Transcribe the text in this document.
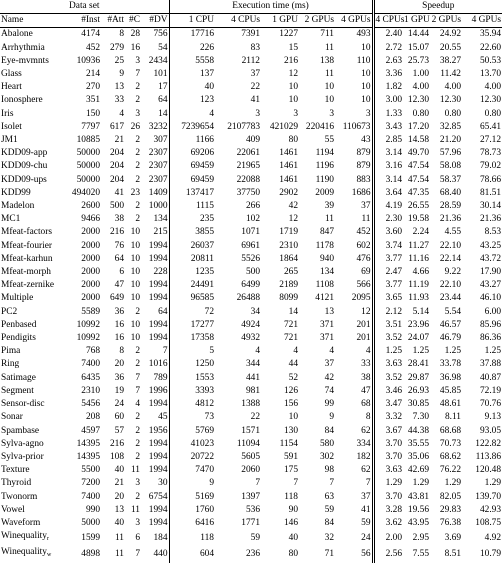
Data set					Execution time (ms)					Speedup			
Name	#Inst	#Att	#C	#DV	1 CPU	4 CPUs	1 GPU	2 GPUs	4 GPUs	4 CPUs	1 GPU	2 GPUs	4 GPUs
Abalone	4174	8	28	756	17716	7391	1227	711	493	2.40	14.44	24.92	35.94
Arrhythmia	452	279	16	54	226	83	15	11	10	2.72	15.07	20.55	22.60
Eye-mvmnts	10936	25	3	2434	5558	2112	216	138	110	2.63	25.73	38.27	50.53
Glass	214	9	7	101	137	37	12	11	10	3.36	1.00	11.42	13.70
Heart	270	13	2	17	40	22	10	10	10	1.82	4.00	4.00	4.00
Ionosphere	351	33	2	64	123	41	10	10	10	3.00	12.30	12.30	12.30
Iris	150	4	3	14	4	3	3	3	3	1.33	0.80	0.80	0.80
Isolet	7797	617	26	3232	7239654	2107783	421029	220416	110673	3.43	17.20	32.85	65.41
JM1	10885	21	2	307	1166	409	80	55	43	2.85	14.58	21.20	27.12
KDD09-app	50000	204	2	2307	69206	22061	1461	1194	879	3.14	49.70	57.96	78.73
KDD09-chu	50000	204	2	2307	69459	21965	1461	1196	879	3.16	47.54	58.08	79.02
KDD09-ups	50000	204	2	2307	69459	22088	1461	1190	883	3.14	47.54	58.37	78.66
KDD99	494020	41	23	1409	137417	37750	2902	2009	1686	3.64	47.35	68.40	81.51
Madelon	2600	500	2	1000	1115	266	42	39	37	4.19	26.55	28.59	30.14
MC1	9466	38	2	134	235	102	12	11	11	2.30	19.58	21.36	21.36
Mfeat-factors	2000	216	10	215	3855	1071	1719	847	452	3.60	2.24	4.55	8.53
Mfeat-fourier	2000	76	10	1994	26037	6961	2310	1178	602	3.74	11.27	22.10	43.25
Mfeat-karhun	2000	64	10	1994	20811	5526	1864	940	476	3.77	11.16	22.14	43.72
Mfeat-morph	2000	6	10	228	1235	500	265	134	69	2.47	4.66	9.22	17.90
Mfeat-zernike	2000	47	10	1994	24491	6499	2189	1108	566	3.77	11.19	22.10	43.27
Multiple	2000	649	10	1994	96585	26488	8099	4121	2095	3.65	11.93	23.44	46.10
PC2	5589	36	2	64	72	34	14	13	12	2.12	5.14	5.54	6.00
Penbased	10992	16	10	1994	17277	4924	721	371	201	3.51	23.96	46.57	85.96
Pendigits	10992	16	10	1994	17358	4932	721	371	201	3.52	24.07	46.79	86.36
Pima	768	8	2	7	5	4	4	4	4	1.25	1.25	1.25	1.25
Ring	7400	20	2	1016	1250	344	44	37	33	3.63	28.41	33.78	37.88
Satimage	6435	36	7	789	1553	441	52	42	38	3.52	29.87	36.98	40.87
Segment	2310	19	7	1996	3393	981	126	74	47	3.46	26.93	45.85	72.19
Sensor-disc	5456	24	4	1994	4812	1388	156	99	68	3.47	30.85	48.61	70.76
Sonar	208	60	2	45	73	22	10	9	8	3.32	7.30	8.11	9.13
Spambase	4597	57	2	1956	5769	1571	130	84	62	3.67	44.38	68.68	93.05
Sylva-agno	14395	216	2	1994	41023	11094	1154	580	334	3.70	35.55	70.73	122.82
Sylva-prior	14395	108	2	1994	20722	5605	591	302	182	3.70	35.06	68.62	113.86
Texture	5500	40	11	1994	7470	2060	175	98	62	3.63	42.69	76.22	120.48
Thyroid	7200	21	3	30	9	7	7	7	7	1.29	1.29	1.29	1.29
Twonorm	7400	20	2	6754	5169	1397	118	63	37	3.70	43.81	82.05	139.70
Vowel	990	13	11	1994	1760	536	90	59	41	3.28	19.56	29.83	42.93
Waveform	5000	40	3	1994	6416	1771	146	84	59	3.62	43.95	76.38	108.75
Winequality$_r$	1599	11	6	184	118	59	40	32	24	2.00	2.95	3.69	4.92
Winequality$_w$	4898	11	7	440	604	236	80	71	56	2.56	7.55	8.51	10.79
